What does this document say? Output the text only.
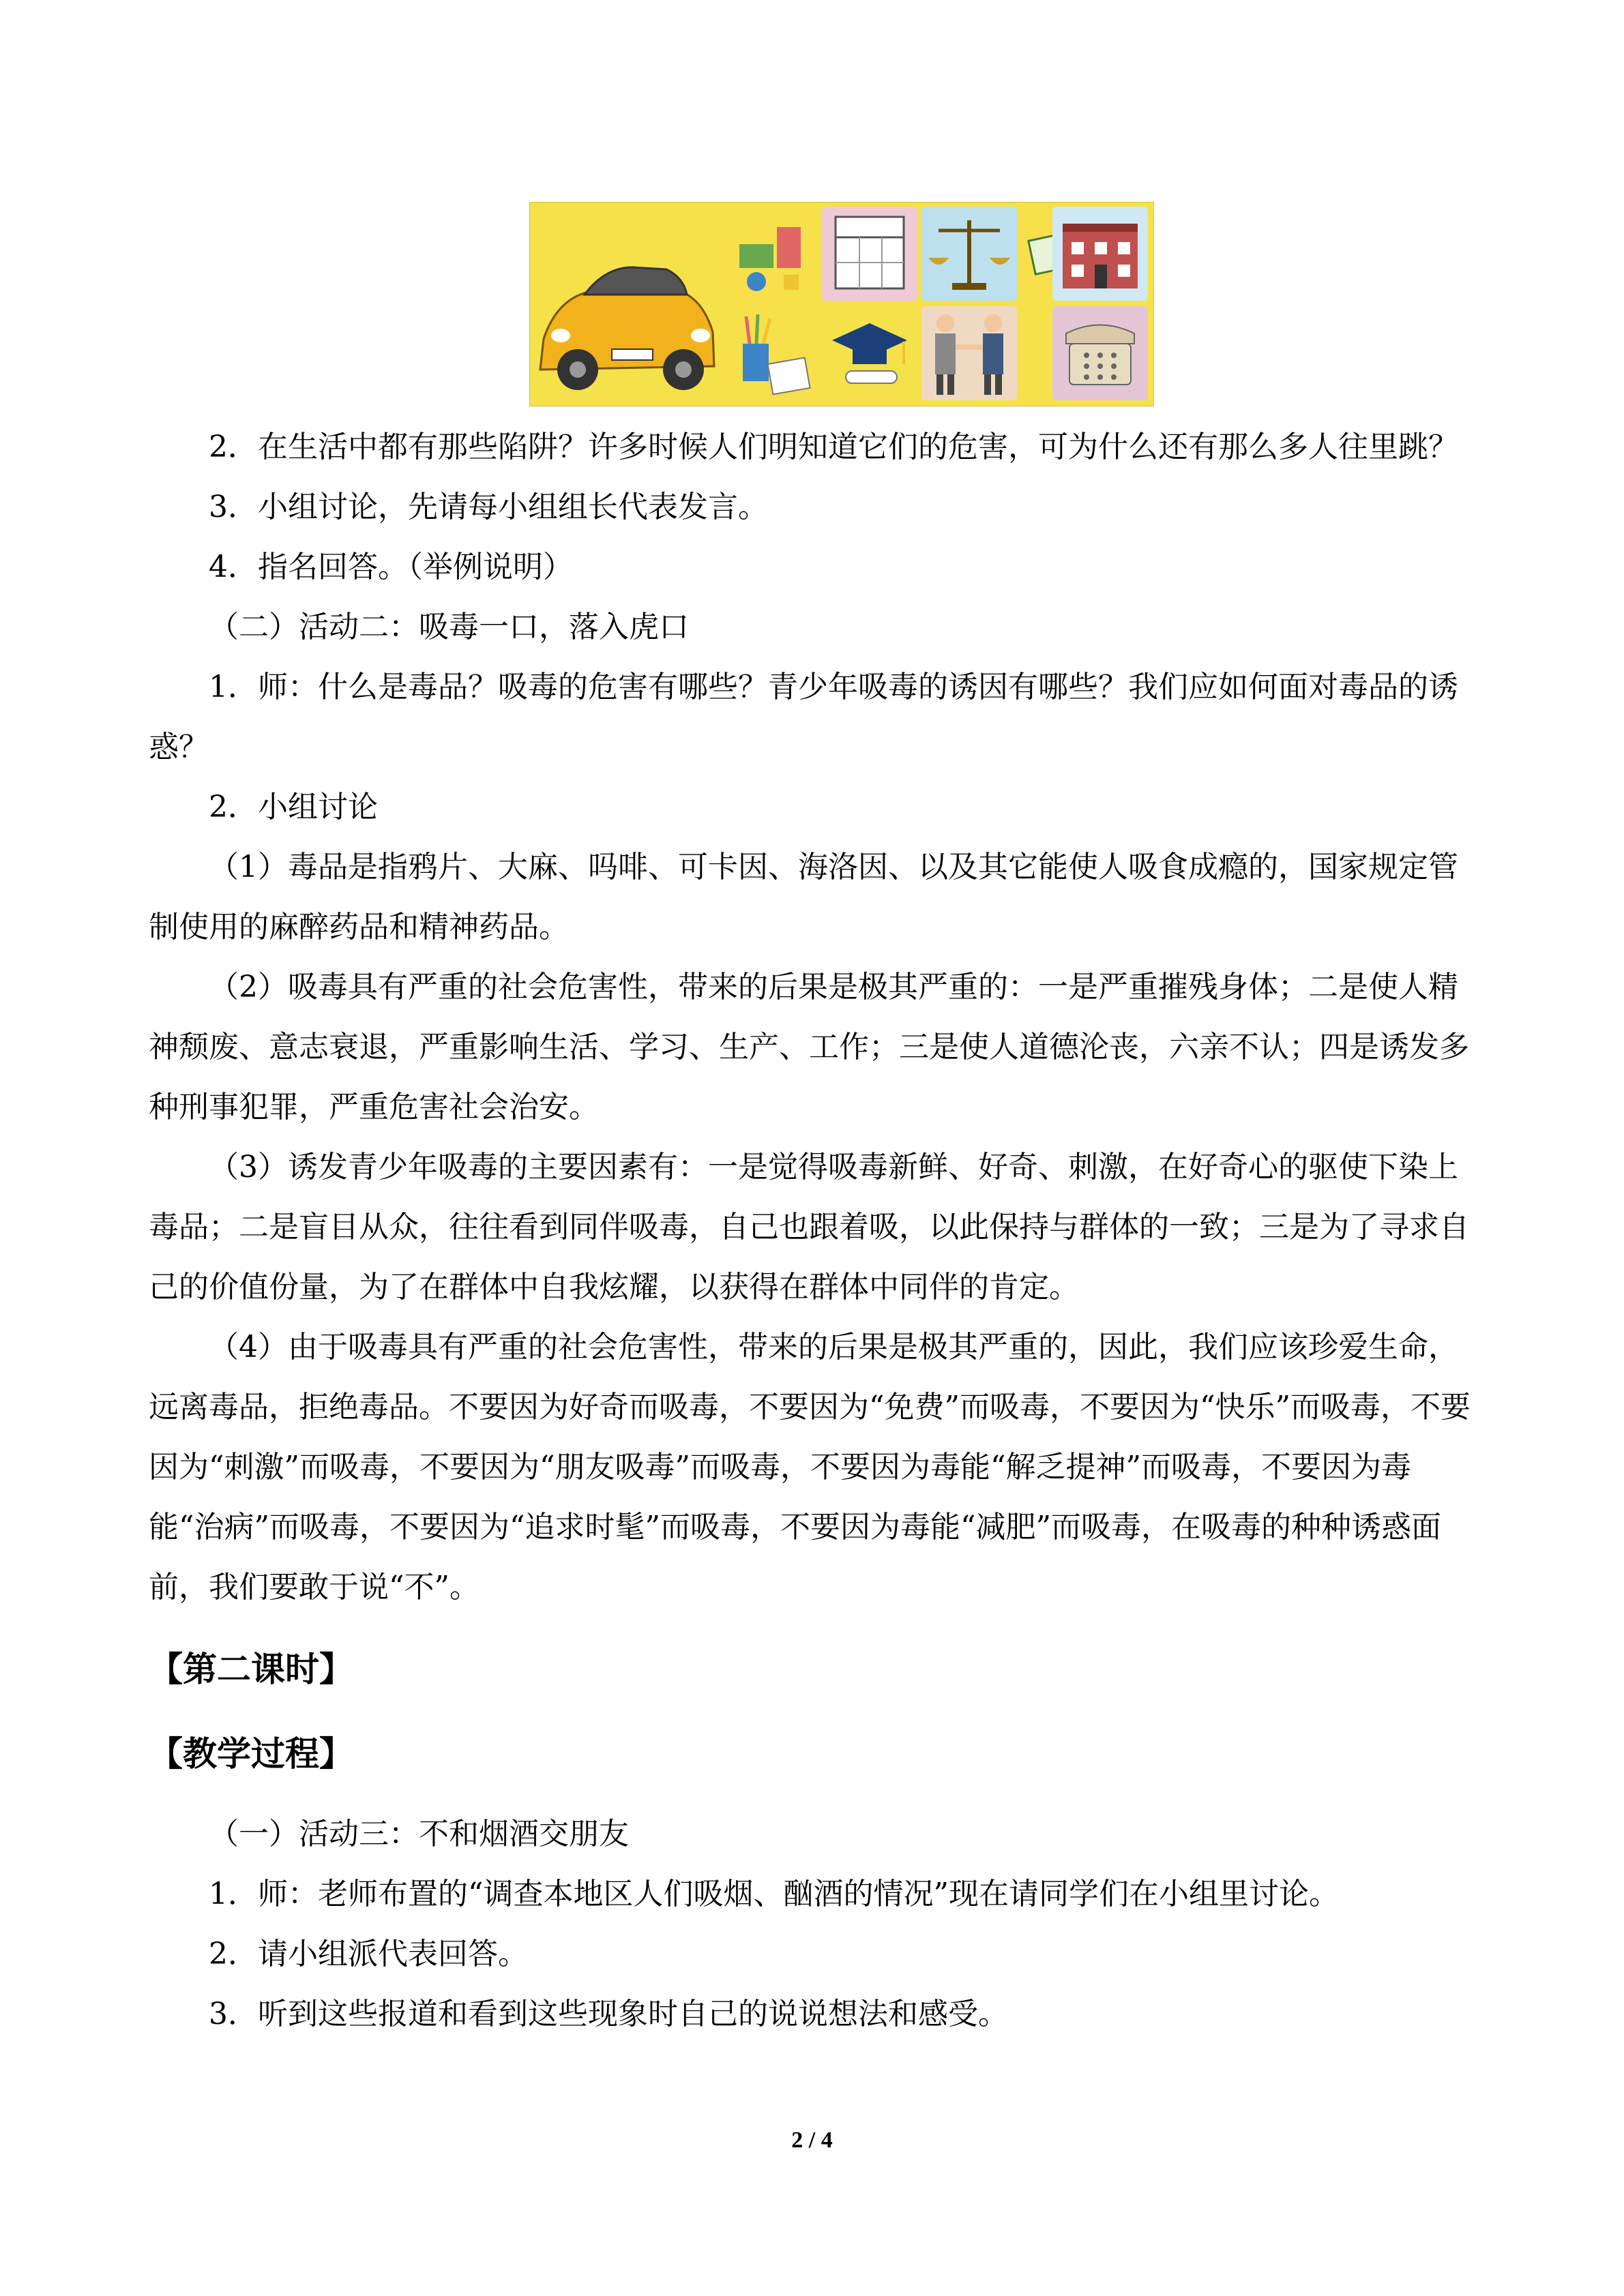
2．在生活中都有那些陷阱？许多时候人们明知道它们的危害，可为什么还有那么多人往里跳？

3．小组讨论，先请每小组组长代表发言。

4．指名回答。（举例说明）

（二）活动二：吸毒一口，落入虎口

1．师：什么是毒品？吸毒的危害有哪些？青少年吸毒的诱因有哪些？我们应如何面对毒品的诱惑？

2．小组讨论

（1）毒品是指鸦片、大麻、吗啡、可卡因、海洛因、以及其它能使人吸食成瘾的，国家规定管制使用的麻醉药品和精神药品。

（2）吸毒具有严重的社会危害性，带来的后果是极其严重的：一是严重摧残身体；二是使人精神颓废、意志衰退，严重影响生活、学习、生产、工作；三是使人道德沦丧，六亲不认；四是诱发多种刑事犯罪，严重危害社会治安。

（3）诱发青少年吸毒的主要因素有：一是觉得吸毒新鲜、好奇、刺激，在好奇心的驱使下染上毒品；二是盲目从众，往往看到同伴吸毒，自己也跟着吸，以此保持与群体的一致；三是为了寻求自己的价值份量，为了在群体中自我炫耀，以获得在群体中同伴的肯定。

（4）由于吸毒具有严重的社会危害性，带来的后果是极其严重的，因此，我们应该珍爱生命，远离毒品，拒绝毒品。不要因为好奇而吸毒，不要因为“免费”而吸毒，不要因为“快乐”而吸毒，不要因为“刺激”而吸毒，不要因为“朋友吸毒”而吸毒，不要因为毒能“解乏提神”而吸毒，不要因为毒能“治病”而吸毒，不要因为“追求时髦”而吸毒，不要因为毒能“减肥”而吸毒，在吸毒的种种诱惑面前，我们要敢于说“不”。

【第二课时】
【教学过程】

（一）活动三：不和烟酒交朋友

1．师：老师布置的“调查本地区人们吸烟、酗酒的情况”现在请同学们在小组里讨论。

2．请小组派代表回答。

3．听到这些报道和看到这些现象时自己的说说想法和感受。

2 / 4
